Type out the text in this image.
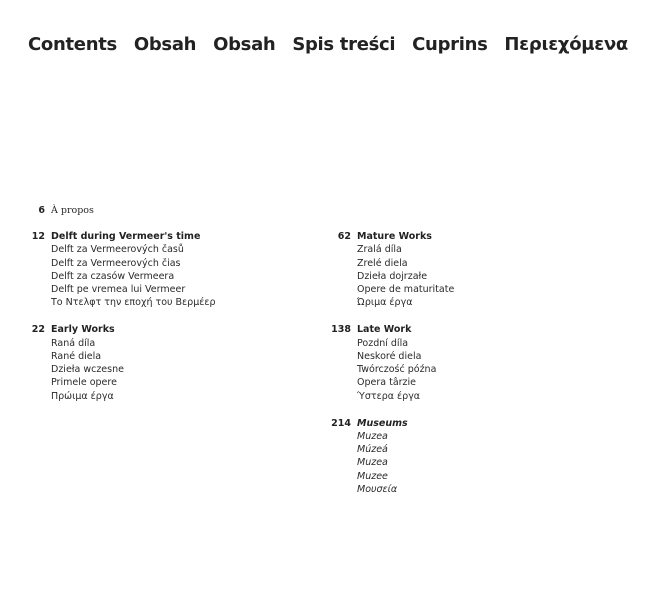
Contents Obsah Obsah Spis treści Cuprins Περιεχόμενα
6 À propos
12 Delft during Vermeer's time
Delft za Vermeerových časů
Delft za Vermeerových čias
Delft za czasów Vermeera
Delft pe vremea lui Vermeer
Το Ντελφτ την εποχή του Βερμέερ
22 Early Works
Raná díla
Rané diela
Dzieła wczesne
Primele opere
Πρώιμα έργα
62 Mature Works
Zralá díla
Zrelé diela
Dzieła dojrzałe
Opere de maturitate
Ώριμα έργα
138 Late Work
Pozdní díla
Neskoré diela
Twórczość późna
Opera târzie
Ύστερα έργα
214 Museums
Muzea
Múzeá
Muzea
Muzee
Μουσεία
